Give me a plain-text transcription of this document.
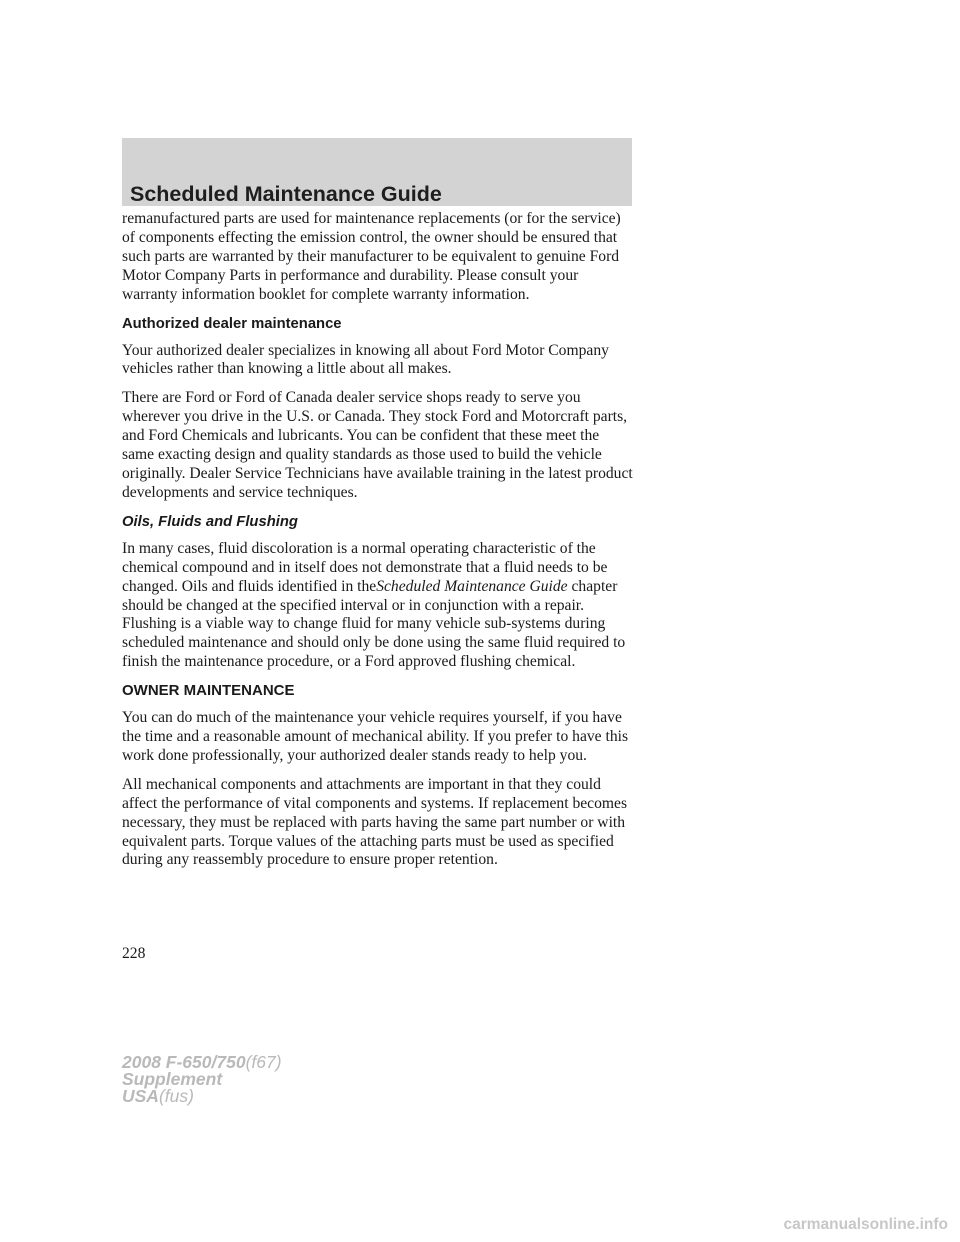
Scheduled Maintenance Guide

remanufactured parts are used for maintenance replacements (or for the service) of components effecting the emission control, the owner should be ensured that such parts are warranted by their manufacturer to be equivalent to genuine Ford Motor Company Parts in performance and durability. Please consult your warranty information booklet for complete warranty information.

Authorized dealer maintenance

Your authorized dealer specializes in knowing all about Ford Motor Company vehicles rather than knowing a little about all makes.

There are Ford or Ford of Canada dealer service shops ready to serve you wherever you drive in the U.S. or Canada. They stock Ford and Motorcraft parts, and Ford Chemicals and lubricants. You can be confident that these meet the same exacting design and quality standards as those used to build the vehicle originally. Dealer Service Technicians have available training in the latest product developments and service techniques.

Oils, Fluids and Flushing

In many cases, fluid discoloration is a normal operating characteristic of the chemical compound and in itself does not demonstrate that a fluid needs to be changed. Oils and fluids identified in theScheduled Maintenance Guide chapter should be changed at the specified interval or in conjunction with a repair. Flushing is a viable way to change fluid for many vehicle sub-systems during scheduled maintenance and should only be done using the same fluid required to finish the maintenance procedure, or a Ford approved flushing chemical.

OWNER MAINTENANCE

You can do much of the maintenance your vehicle requires yourself, if you have the time and a reasonable amount of mechanical ability. If you prefer to have this work done professionally, your authorized dealer stands ready to help you.

All mechanical components and attachments are important in that they could affect the performance of vital components and systems. If replacement becomes necessary, they must be replaced with parts having the same part number or with equivalent parts. Torque values of the attaching parts must be used as specified during any reassembly procedure to ensure proper retention.

228

2008 F-650/750(f67)
Supplement
USA(fus)

carmanualsonline.info
